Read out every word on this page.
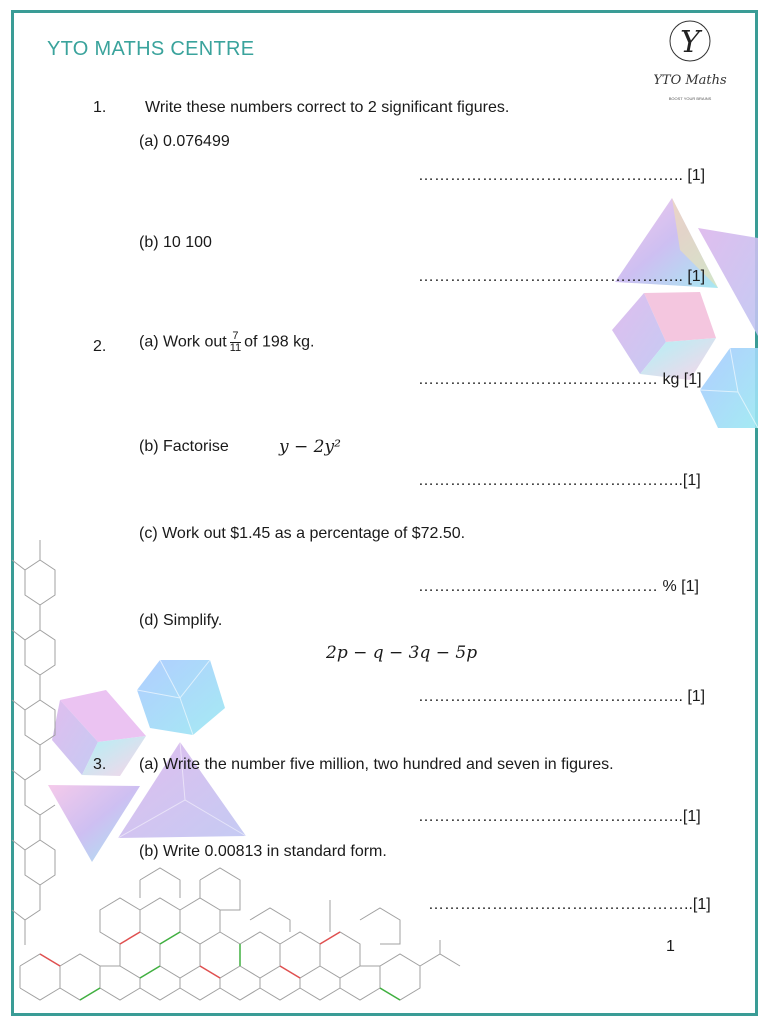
Y
YTO Maths
BOOST YOUR BRAINS
YTO MATHS CENTRE
1. Write these numbers correct to 2 significant figures.
(a) 0.076499
………………………………………….. [1]
(b) 10 100
………………………………………….. [1]
2. (a) Work out $\frac{7}{11}$ of 198 kg.
……………………………………… kg [1]
(b) Factorise	y − 2y²
…………………………………………..[1]
(c) Work out $1.45 as a percentage of $72.50.
……………………………………… % [1]
(d) Simplify.
2p − q − 3q − 5p
………………………………………….. [1]
3. (a) Write the number five million, two hundred and seven in figures.
…………………………………………..[1]
(b) Write 0.00813 in standard form.
…………………………………………..[1]
1
